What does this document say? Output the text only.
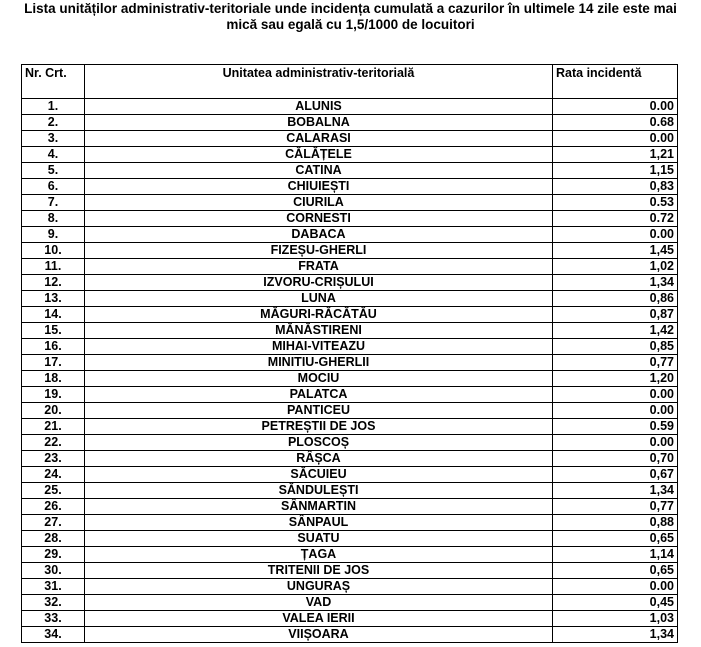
Lista unităților administrativ-teritoriale unde incidența cumulată a cazurilor în ultimele 14 zile este mai
mică sau egală cu 1,5/1000 de locuitori
Nr. Crt.	Unitatea administrativ-teritorială	Rata incidentă
1.	ALUNIS	0.00
2.	BOBALNA	0.68
3.	CALARASI	0.00
4.	CĂLĂȚELE	1,21
5.	CATINA	1,15
6.	CHIUIEȘTI	0,83
7.	CIURILA	0.53
8.	CORNESTI	0.72
9.	DABACA	0.00
10.	FIZEȘU-GHERLI	1,45
11.	FRATA	1,02
12.	IZVORU-CRIȘULUI	1,34
13.	LUNA	0,86
14.	MĂGURI-RĂCĂTĂU	0,87
15.	MĂNĂSTIRENI	1,42
16.	MIHAI-VITEAZU	0,85
17.	MINITIU-GHERLII	0,77
18.	MOCIU	1,20
19.	PALATCA	0.00
20.	PANTICEU	0.00
21.	PETREȘTII DE JOS	0.59
22.	PLOSCOȘ	0.00
23.	RÂȘCA	0,70
24.	SĂCUIEU	0,67
25.	SĂNDULEȘTI	1,34
26.	SÂNMARTIN	0,77
27.	SÂNPAUL	0,88
28.	SUATU	0,65
29.	ȚAGA	1,14
30.	TRITENII DE JOS	0,65
31.	UNGURAȘ	0.00
32.	VAD	0,45
33.	VALEA IERII	1,03
34.	VIIȘOARA	1,34
